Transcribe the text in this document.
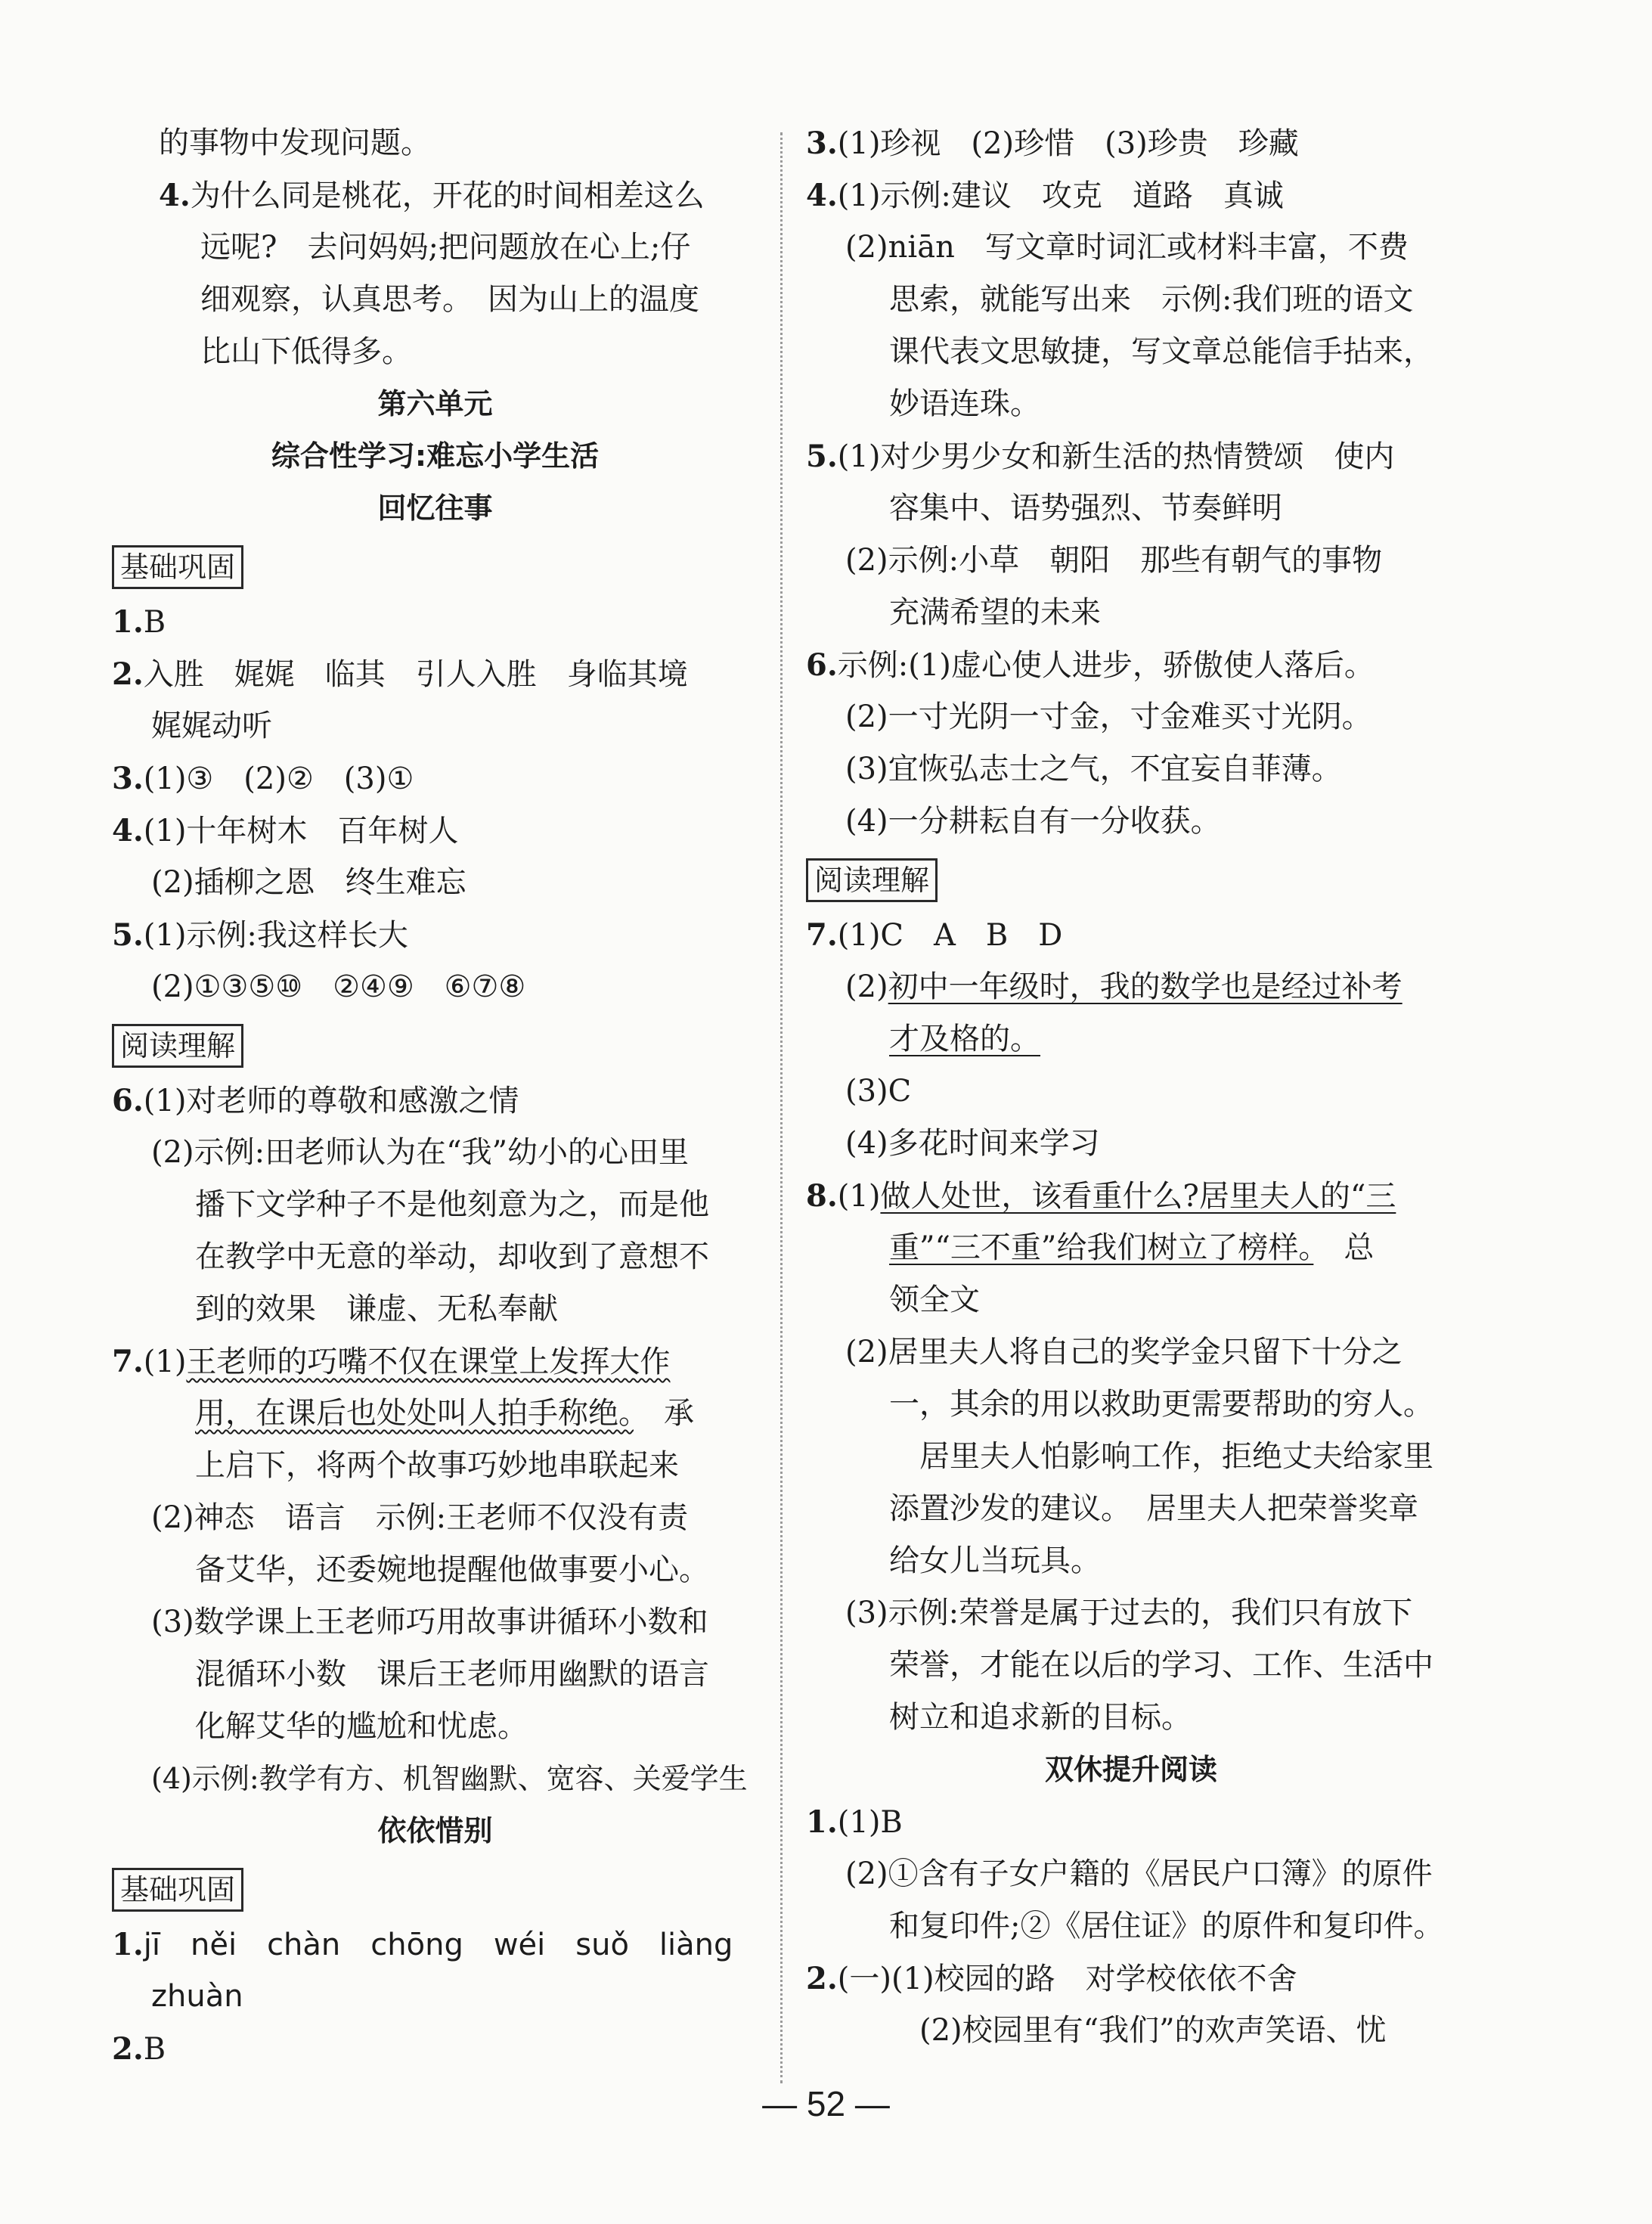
的事物中发现问题。
4.为什么同是桃花，开花的时间相差这么
远呢?　去问妈妈;把问题放在心上;仔
细观察，认真思考。　因为山上的温度
比山下低得多。
第六单元
综合性学习:难忘小学生活
回忆往事
基础巩固
1.B
2.入胜　娓娓　临其　引人入胜　身临其境
娓娓动听
3.(1)③　(2)②　(3)①
4.(1)十年树木　百年树人
(2)插柳之恩　终生难忘
5.(1)示例:我这样长大
(2)①③⑤⑩　②④⑨　⑥⑦⑧
阅读理解
6.(1)对老师的尊敬和感激之情
(2)示例:田老师认为在“我”幼小的心田里
播下文学种子不是他刻意为之，而是他
在教学中无意的举动，却收到了意想不
到的效果　谦虚、无私奉献
7.(1)王老师的巧嘴不仅在课堂上发挥大作
用，在课后也处处叫人拍手称绝。　承
上启下，将两个故事巧妙地串联起来
(2)神态　语言　示例:王老师不仅没有责
备艾华，还委婉地提醒他做事要小心。
(3)数学课上王老师巧用故事讲循环小数和
混循环小数　课后王老师用幽默的语言
化解艾华的尴尬和忧虑。
(4)示例:教学有方、机智幽默、宽容、关爱学生
依依惜别
基础巩固
1.jī　něi　chàn　chōng　wéi　suǒ　liàng
zhuàn
2.B
3.(1)珍视　(2)珍惜　(3)珍贵　珍藏
4.(1)示例:建议　攻克　道路　真诚
(2)niān　写文章时词汇或材料丰富，不费
思索，就能写出来　示例:我们班的语文
课代表文思敏捷，写文章总能信手拈来，
妙语连珠。
5.(1)对少男少女和新生活的热情赞颂　使内
容集中、语势强烈、节奏鲜明
(2)示例:小草　朝阳　那些有朝气的事物
充满希望的未来
6.示例:(1)虚心使人进步，骄傲使人落后。
(2)一寸光阴一寸金，寸金难买寸光阴。
(3)宜恢弘志士之气，不宜妄自菲薄。
(4)一分耕耘自有一分收获。
阅读理解
7.(1)C　A　B　D
(2)初中一年级时，我的数学也是经过补考
才及格的。
(3)C
(4)多花时间来学习
8.(1)做人处世，该看重什么?居里夫人的“三
重”“三不重”给我们树立了榜样。　总
领全文
(2)居里夫人将自己的奖学金只留下十分之
一，其余的用以救助更需要帮助的穷人。
　居里夫人怕影响工作，拒绝丈夫给家里
添置沙发的建议。　居里夫人把荣誉奖章
给女儿当玩具。
(3)示例:荣誉是属于过去的，我们只有放下
荣誉，才能在以后的学习、工作、生活中
树立和追求新的目标。
双休提升阅读
1.(1)B
(2)①含有子女户籍的《居民户口簿》的原件
和复印件;②《居住证》的原件和复印件。
2.(一)(1)校园的路　对学校依依不舍
　(2)校园里有“我们”的欢声笑语、忧
— 52 —
